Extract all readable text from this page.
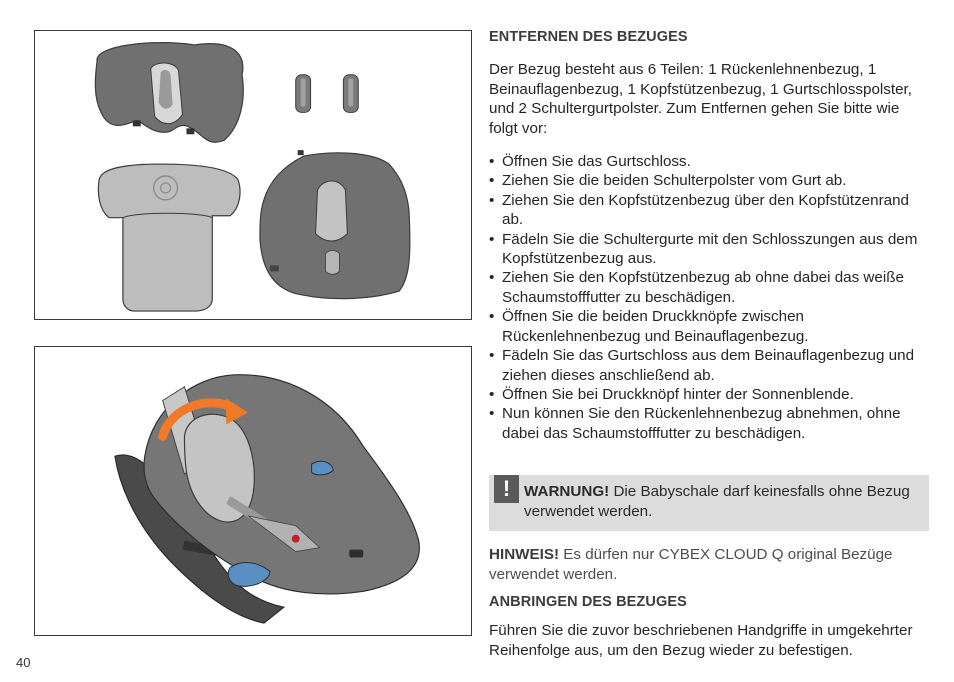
40
ENTFERNEN DES BEZUGES
Der Bezug besteht aus 6 Teilen: 1 Rückenlehnenbezug, 1 Beinauflagenbezug, 1 Kopfstützenbezug, 1 Gurtschlosspolster, und 2 Schultergurtpolster. Zum Entfernen gehen Sie bitte wie folgt vor:
• Öffnen Sie das Gurtschloss.
• Ziehen Sie die beiden Schulterpolster vom Gurt ab.
• Ziehen Sie den Kopfstützenbezug über den Kopfstützenrand ab.
• Fädeln Sie die Schultergurte mit den Schlosszungen aus dem Kopfstützenbezug aus.
• Ziehen Sie den Kopfstützenbezug ab ohne dabei das weiße Schaumstofffutter zu beschädigen.
• Öffnen Sie die beiden Druckknöpfe zwischen Rückenlehnenbezug und Beinauflagenbezug.
• Fädeln Sie das Gurtschloss aus dem Beinauflagenbezug und ziehen dieses anschließend ab.
• Öffnen Sie bei Druckknöpf hinter der Sonnenblende.
• Nun können Sie den Rückenlehnenbezug abnehmen, ohne dabei das Schaumstofffutter zu beschädigen.
! WARNUNG! Die Babyschale darf keinesfalls ohne Bezug verwendet werden.
HINWEIS! Es dürfen nur CYBEX CLOUD Q original Bezüge verwendet werden.
ANBRINGEN DES BEZUGES
Führen Sie die zuvor beschriebenen Handgriffe in umgekehrter Reihenfolge aus, um den Bezug wieder zu befestigen.
